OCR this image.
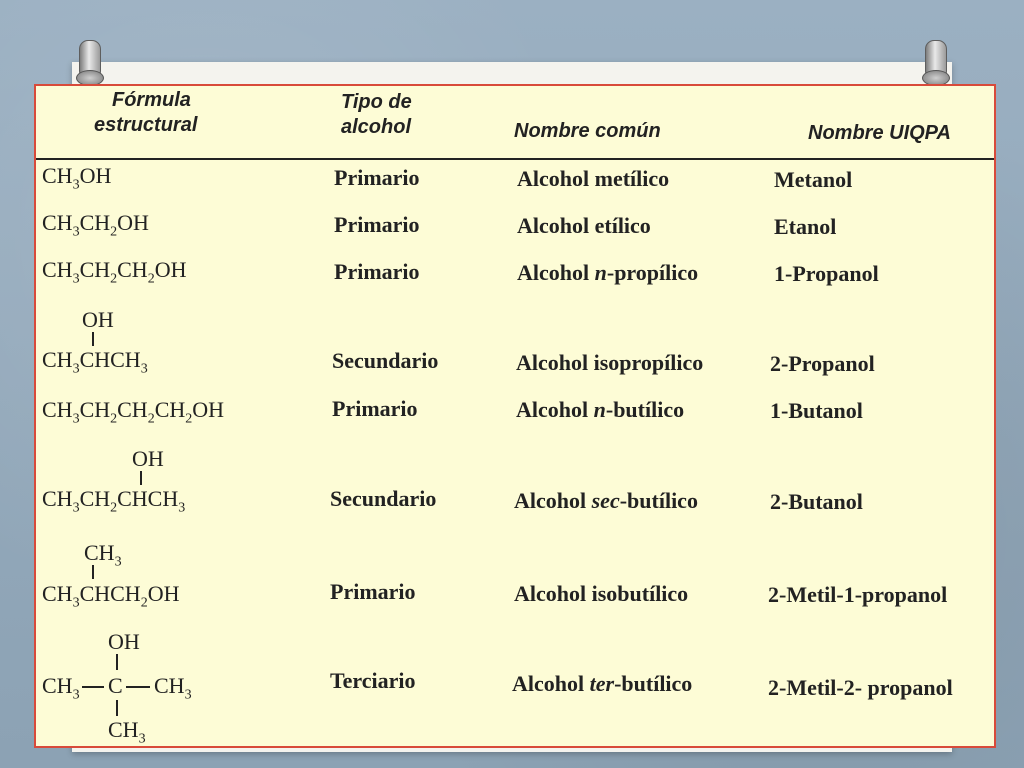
Fórmula
estructural
Tipo de
alcohol	Nombre común	Nombre UIQPA
$CH_3OH$	Primario	Alcohol metílico	Metanol
$CH_3CH_2OH$	Primario	Alcohol etílico	Etanol
$CH_3CH_2CH_2OH$	Primario	Alcohol n-propílico	1-Propanol
OH
$CH_3CHCH_3$	Secundario	Alcohol isopropílico	2-Propanol
$CH_3CH_2CH_2CH_2OH$	Primario	Alcohol n-butílico	1-Butanol
OH
$CH_3CH_2CHCH_3$	Secundario	Alcohol sec-butílico	2-Butanol
$CH_3$
$CH_3CHCH_2OH$	Primario	Alcohol isobutílico	2-Metil-1-propanol
OH
$CH_3$ C $CH_3$
$CH_3$
Terciario	Alcohol ter-butílico	2-Metil-2- propanol
